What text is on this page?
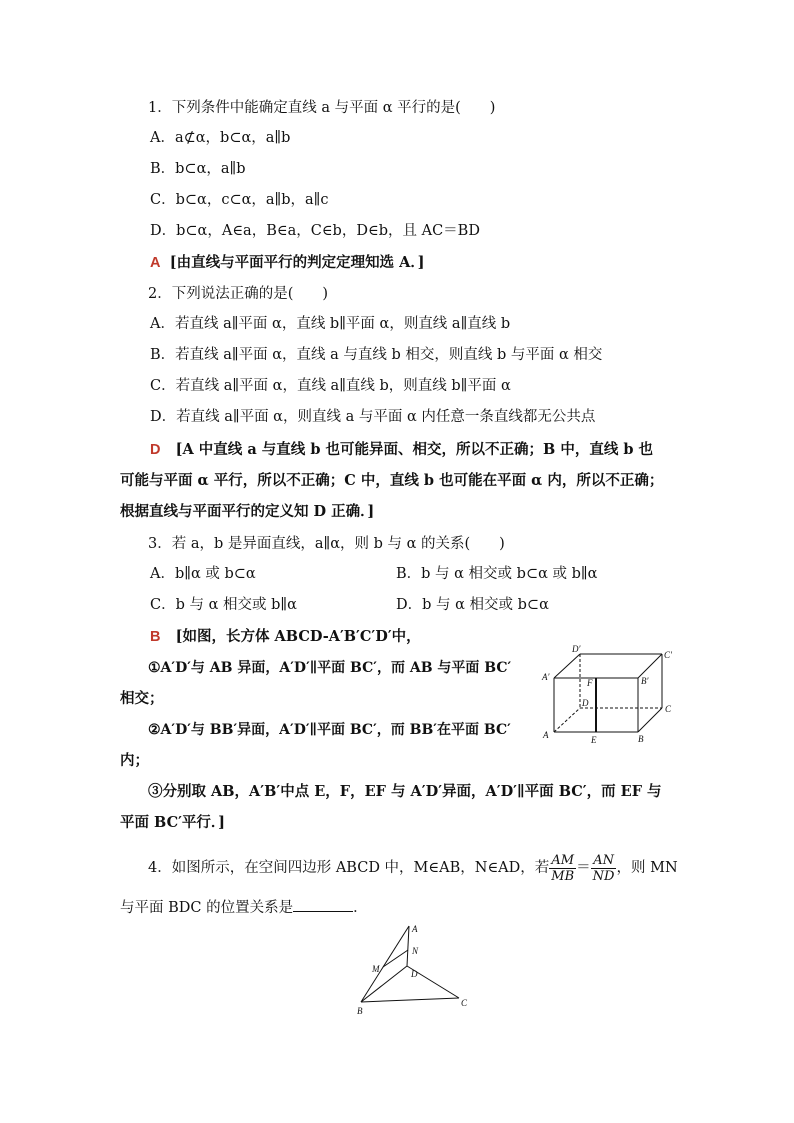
1．下列条件中能确定直线 a 与平面 α 平行的是(　　)
A．a⊄α，b⊂α，a∥b
B．b⊂α，a∥b
C．b⊂α，c⊂α，a∥b，a∥c
D．b⊂α，A∈a，B∈a，C∈b，D∈b，且 AC＝BD
A [由直线与平面平行的判定定理知选 A．]
2．下列说法正确的是(　　)
A．若直线 a∥平面 α，直线 b∥平面 α，则直线 a∥直线 b
B．若直线 a∥平面 α，直线 a 与直线 b 相交，则直线 b 与平面 α 相交
C．若直线 a∥平面 α，直线 a∥直线 b，则直线 b∥平面 α
D．若直线 a∥平面 α，则直线 a 与平面 α 内任意一条直线都无公共点
D [A 中直线 a 与直线 b 也可能异面、相交，所以不正确；B 中，直线 b 也
可能与平面 α 平行，所以不正确；C 中，直线 b 也可能在平面 α 内，所以不正确；
根据直线与平面平行的定义知 D 正确．]
3．若 a，b 是异面直线，a∥α，则 b 与 α 的关系(　　)
A．b∥α 或 b⊂α	B．b 与 α 相交或 b⊂α 或 b∥α
C．b 与 α 相交或 b∥α	D．b 与 α 相交或 b⊂α
B [如图，长方体 ABCD-A′B′C′D′中，
①A′D′与 AB 异面，A′D′∥平面 BC′，而 AB 与平面 BC′
相交；
②A′D′与 BB′异面，A′D′∥平面 BC′，而 BB′在平面 BC′
内；
③分别取 AB，A′B′中点 E，F，EF 与 A′D′异面，A′D′∥平面 BC′，而 EF 与
平面 BC′平行．]
A	B
C
D
A′	B′
C′
D′
E
F
4．如图所示，在空间四边形 ABCD 中，M∈AB，N∈AD，若 $\frac{AM}{MB} = \frac{AN}{ND}$ ，则 MN
与平面 BDC 的位置关系是	．
A
B
C
D
M
N
